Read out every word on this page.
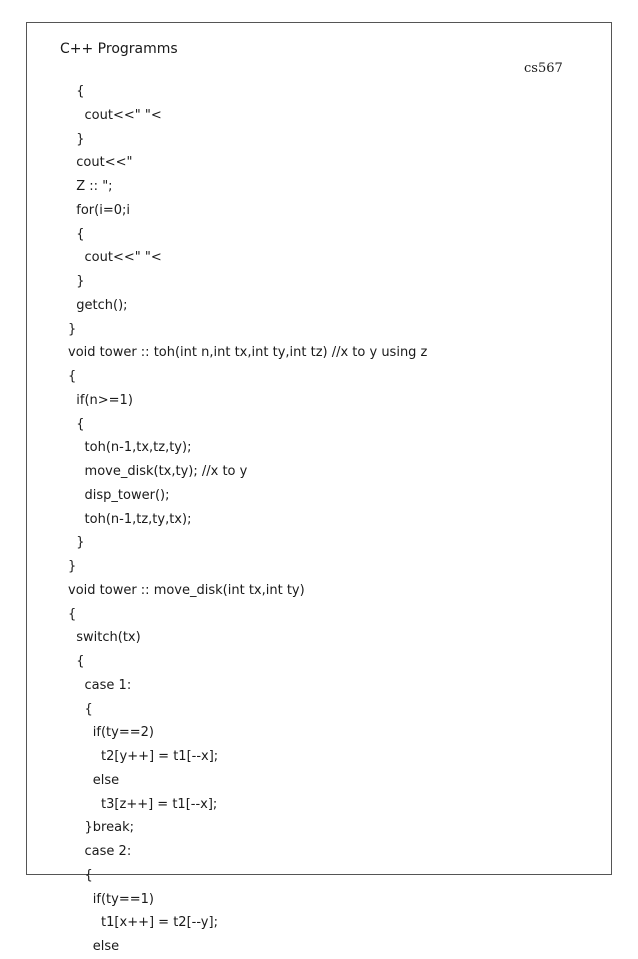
C++ Programms
cs567
{
cout<<" "<
}
cout<<"
Z :: ";
for(i=0;i
{
cout<<" "<
}
getch();
}
void tower :: toh(int n,int tx,int ty,int tz) //x to y using z
{
if(n>=1)
{
toh(n-1,tx,tz,ty);
move_disk(tx,ty); //x to y
disp_tower();
toh(n-1,tz,ty,tx);
}
}
void tower :: move_disk(int tx,int ty)
{
switch(tx)
{
case 1:
{
if(ty==2)
t2[y++] = t1[--x];
else
t3[z++] = t1[--x];
}break;
case 2:
{
if(ty==1)
t1[x++] = t2[--y];
else
